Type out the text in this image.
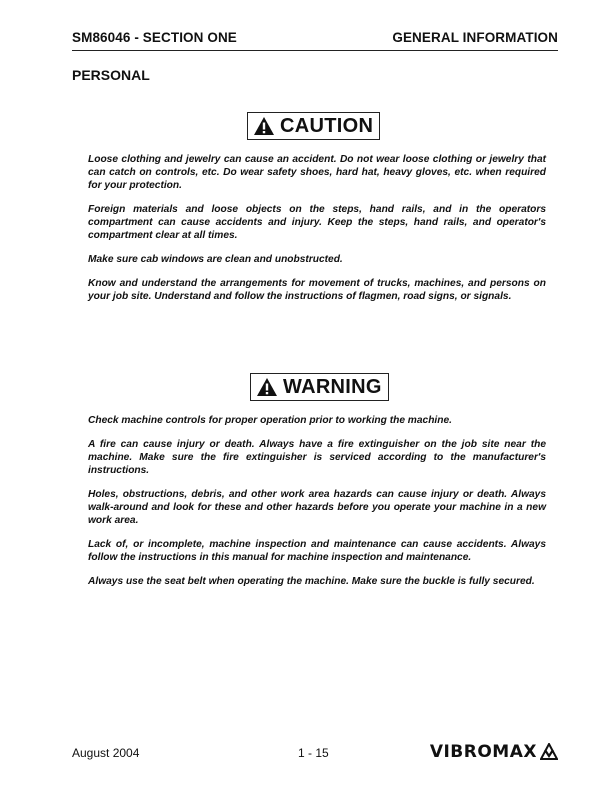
SM86046 - SECTION ONE	GENERAL INFORMATION
PERSONAL
CAUTION

Loose clothing and jewelry can cause an accident. Do not wear loose clothing or jewelry that can catch on controls, etc. Do wear safety shoes, hard hat, heavy gloves, etc. when required for your protection.

Foreign materials and loose objects on the steps, hand rails, and in the operators compartment can cause accidents and injury. Keep the steps, hand rails, and operator's compartment clear at all times.

Make sure cab windows are clean and unobstructed.

Know and understand the arrangements for movement of trucks, machines, and persons on your job site. Understand and follow the instructions of flagmen, road signs, or signals.

WARNING

Check machine controls for proper operation prior to working the machine.

A fire can cause injury or death. Always have a fire extinguisher on the job site near the machine. Make sure the fire extinguisher is serviced according to the manufacturer's instructions.

Holes, obstructions, debris, and other work area hazards can cause injury or death. Always walk-around and look for these and other hazards before you operate your machine in a new work area.

Lack of, or incomplete, machine inspection and maintenance can cause accidents. Always follow the instructions in this manual for machine inspection and maintenance.

Always use the seat belt when operating the machine. Make sure the buckle is fully secured.

August 2004	1 - 15	VIBROMAX
